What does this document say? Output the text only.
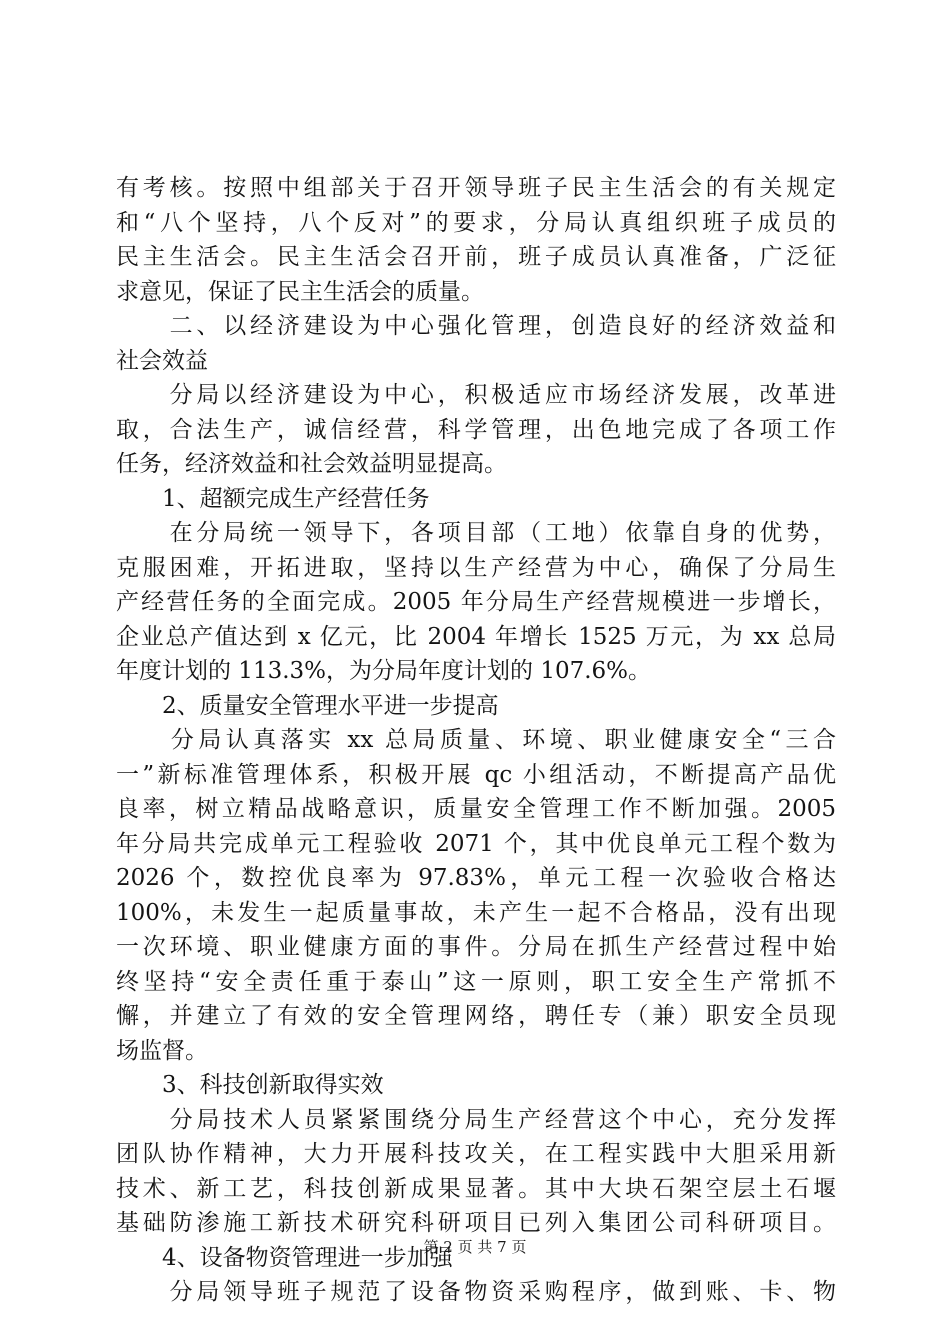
有考核。按照中组部关于召开领导班子民主生活会的有关规定
和“八个坚持，八个反对”的要求，分局认真组织班子成员的
民主生活会。民主生活会召开前，班子成员认真准备，广泛征
求意见，保证了民主生活会的质量。
　　二、以经济建设为中心强化管理，创造良好的经济效益和
社会效益
　　分局以经济建设为中心，积极适应市场经济发展，改革进
取，合法生产，诚信经营，科学管理，出色地完成了各项工作
任务，经济效益和社会效益明显提高。
　　1、超额完成生产经营任务
　　在分局统一领导下，各项目部（工地）依靠自身的优势，
克服困难，开拓进取，坚持以生产经营为中心，确保了分局生
产经营任务的全面完成。2005 年分局生产经营规模进一步增长，
企业总产值达到 x 亿元，比 2004 年增长 1525 万元，为 xx 总局
年度计划的 113.3%，为分局年度计划的 107.6%。
　　2、质量安全管理水平进一步提高
　　分局认真落实 xx 总局质量、环境、职业健康安全“三合
一”新标准管理体系，积极开展 qc 小组活动，不断提高产品优
良率，树立精品战略意识，质量安全管理工作不断加强。2005
年分局共完成单元工程验收 2071 个，其中优良单元工程个数为
2026 个，数控优良率为 97.83%，单元工程一次验收合格达
100%，未发生一起质量事故，未产生一起不合格品，没有出现
一次环境、职业健康方面的事件。分局在抓生产经营过程中始
终坚持“安全责任重于泰山”这一原则，职工安全生产常抓不
懈，并建立了有效的安全管理网络，聘任专（兼）职安全员现
场监督。
　　3、科技创新取得实效
　　分局技术人员紧紧围绕分局生产经营这个中心，充分发挥
团队协作精神，大力开展科技攻关，在工程实践中大胆采用新
技术、新工艺，科技创新成果显著。其中大块石架空层土石堰
基础防渗施工新技术研究科研项目已列入集团公司科研项目。
　　4、设备物资管理进一步加强
　　分局领导班子规范了设备物资采购程序，做到账、卡、物
第 2 页 共 7 页
